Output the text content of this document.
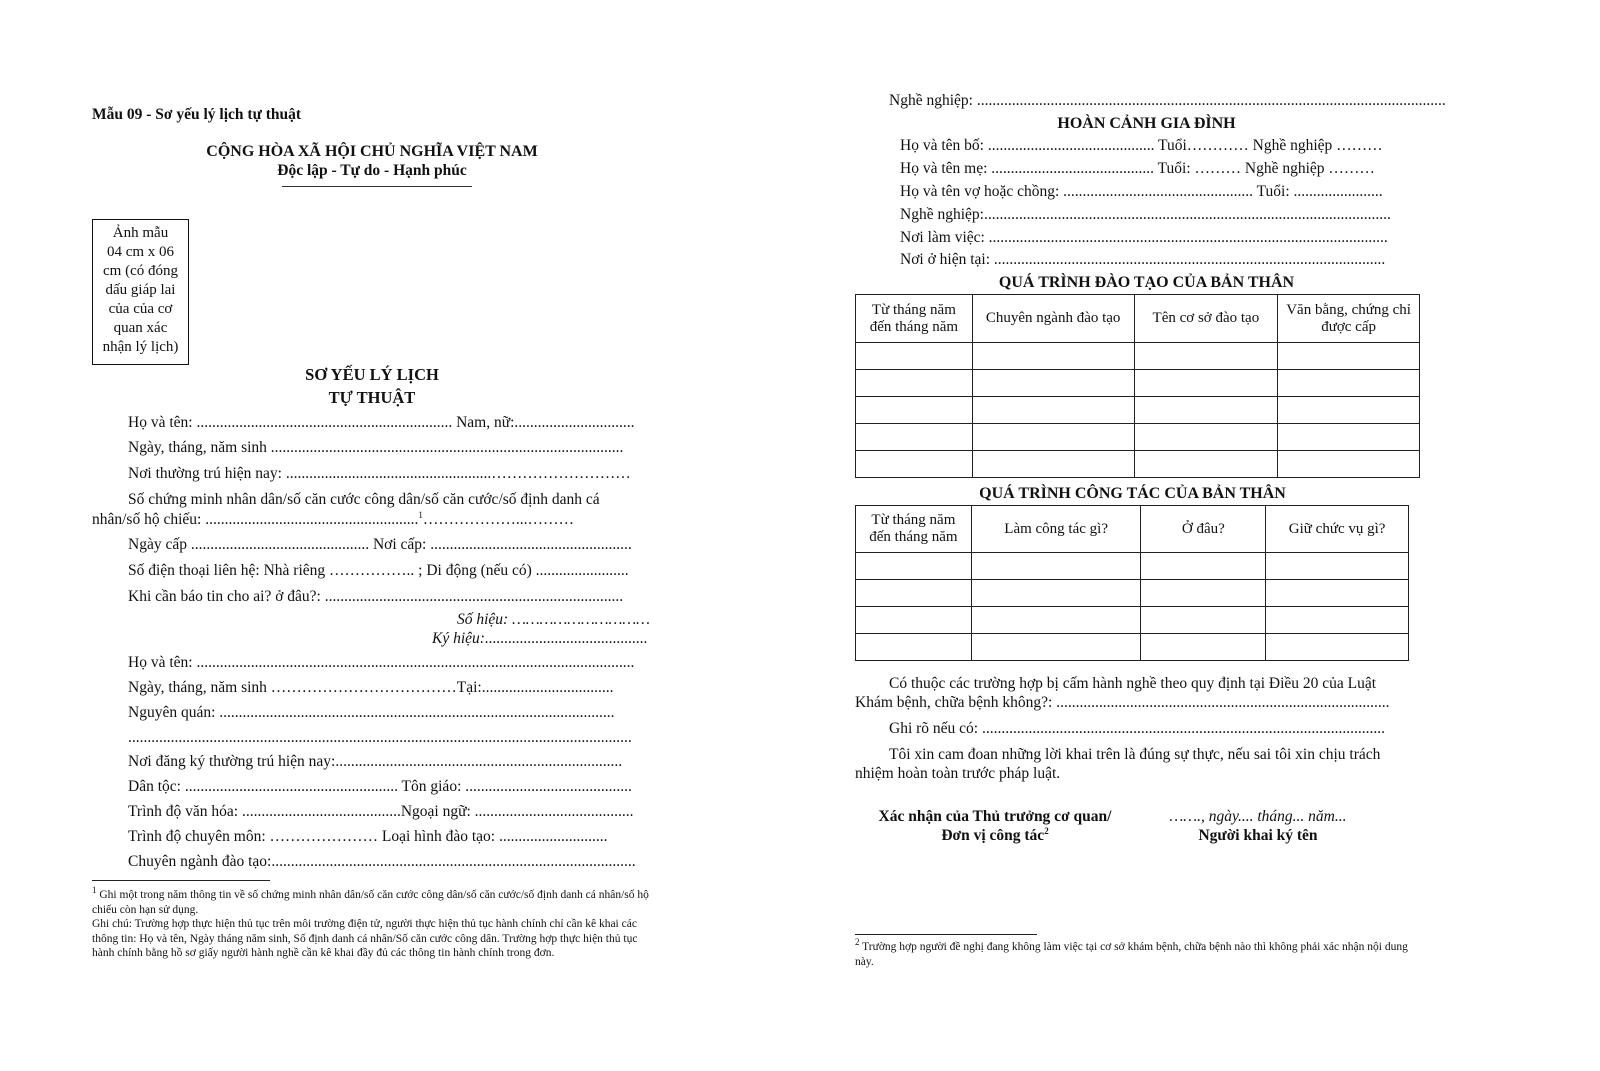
Mẫu 09 - Sơ yếu lý lịch tự thuật
CỘNG HÒA XÃ HỘI CHỦ NGHĨA VIỆT NAM
Độc lập - Tự do - Hạnh phúc
Ảnh mẫu
04 cm x 06
cm (có đóng
dấu giáp lai
của của cơ
quan xác
nhận lý lịch)
SƠ YẾU LÝ LỊCH
TỰ THUẬT
Họ và tên: .................................................................. Nam, nữ:...............................
Ngày, tháng, năm sinh ...........................................................................................
Nơi thường trú hiện nay: .....................................................………………………
Số chứng minh nhân dân/số căn cước công dân/số căn cước/số định danh cá
nhân/số hộ chiếu: .......................................................$^1$………………...………
Ngày cấp .............................................. Nơi cấp: ....................................................
Số điện thoại liên hệ: Nhà riêng …………….. ; Di động (nếu có) ........................
Khi cần báo tin cho ai? ở đâu?: .............................................................................
Số hiệu: …………………………
Ký hiệu:..........................................
Họ và tên: .................................................................................................................
Ngày, tháng, năm sinh ………………………………Tại:..................................
Nguyên quán: ......................................................................................................
..................................................................................................................................
Nơi đăng ký thường trú hiện nay:..........................................................................
Dân tộc: ....................................................... Tôn giáo: ...........................................
Trình độ văn hóa: .........................................Ngoại ngữ: .........................................
Trình độ chuyên môn: ………………… Loại hình đào tạo: ............................
Chuyên ngành đào tạo:..............................................................................................
$^1$ Ghi một trong năm thông tin về số chứng minh nhân dân/số căn cước công dân/số căn cước/số định danh cá nhân/số hộ chiếu còn hạn sử dụng.
Ghi chú: Trường hợp thực hiện thủ tục trên môi trường điện tử, người thực hiện thủ tục hành chính chỉ cần kê khai các thông tin: Họ và tên, Ngày tháng năm sinh, Số định danh cá nhân/Số căn cước công dân. Trường hợp thực hiện thủ tục hành chính bằng hồ sơ giấy người hành nghề cần kê khai đầy đủ các thông tin hành chính trong đơn.
Nghề nghiệp: .........................................................................................................................
HOÀN CẢNH GIA ĐÌNH
Họ và tên bố: ........................................... Tuổi………… Nghề nghiệp ………
Họ và tên mẹ: .......................................... Tuổi: ……… Nghề nghiệp ………
Họ và tên vợ hoặc chồng: ................................................. Tuổi: .......................
Nghề nghiệp:.........................................................................................................
Nơi làm việc: .......................................................................................................
Nơi ở hiện tại: .....................................................................................................
QUÁ TRÌNH ĐÀO TẠO CỦA BẢN THÂN
Từ tháng năm
đến tháng năm	Chuyên ngành đào tạo	Tên cơ sở đào tạo	Văn bằng, chứng chỉ
được cấp

QUÁ TRÌNH CÔNG TÁC CỦA BẢN THÂN
Từ tháng năm
đến tháng năm	Làm công tác gì?	Ở đâu?	Giữ chức vụ gì?

Có thuộc các trường hợp bị cấm hành nghề theo quy định tại Điều 20 của Luật
Khám bệnh, chữa bệnh không?: ......................................................................................
Ghi rõ nếu có: ........................................................................................................
Tôi xin cam đoan những lời khai trên là đúng sự thực, nếu sai tôi xin chịu trách
nhiệm hoàn toàn trước pháp luật.
Xác nhận của Thủ trưởng cơ quan/
Đơn vị công tác$^2$
……., ngày.... tháng... năm...
Người khai ký tên
$^2$ Trường hợp người đề nghị đang không làm việc tại cơ sở khám bệnh, chữa bệnh nào thì không phải xác nhận nội dung này.
